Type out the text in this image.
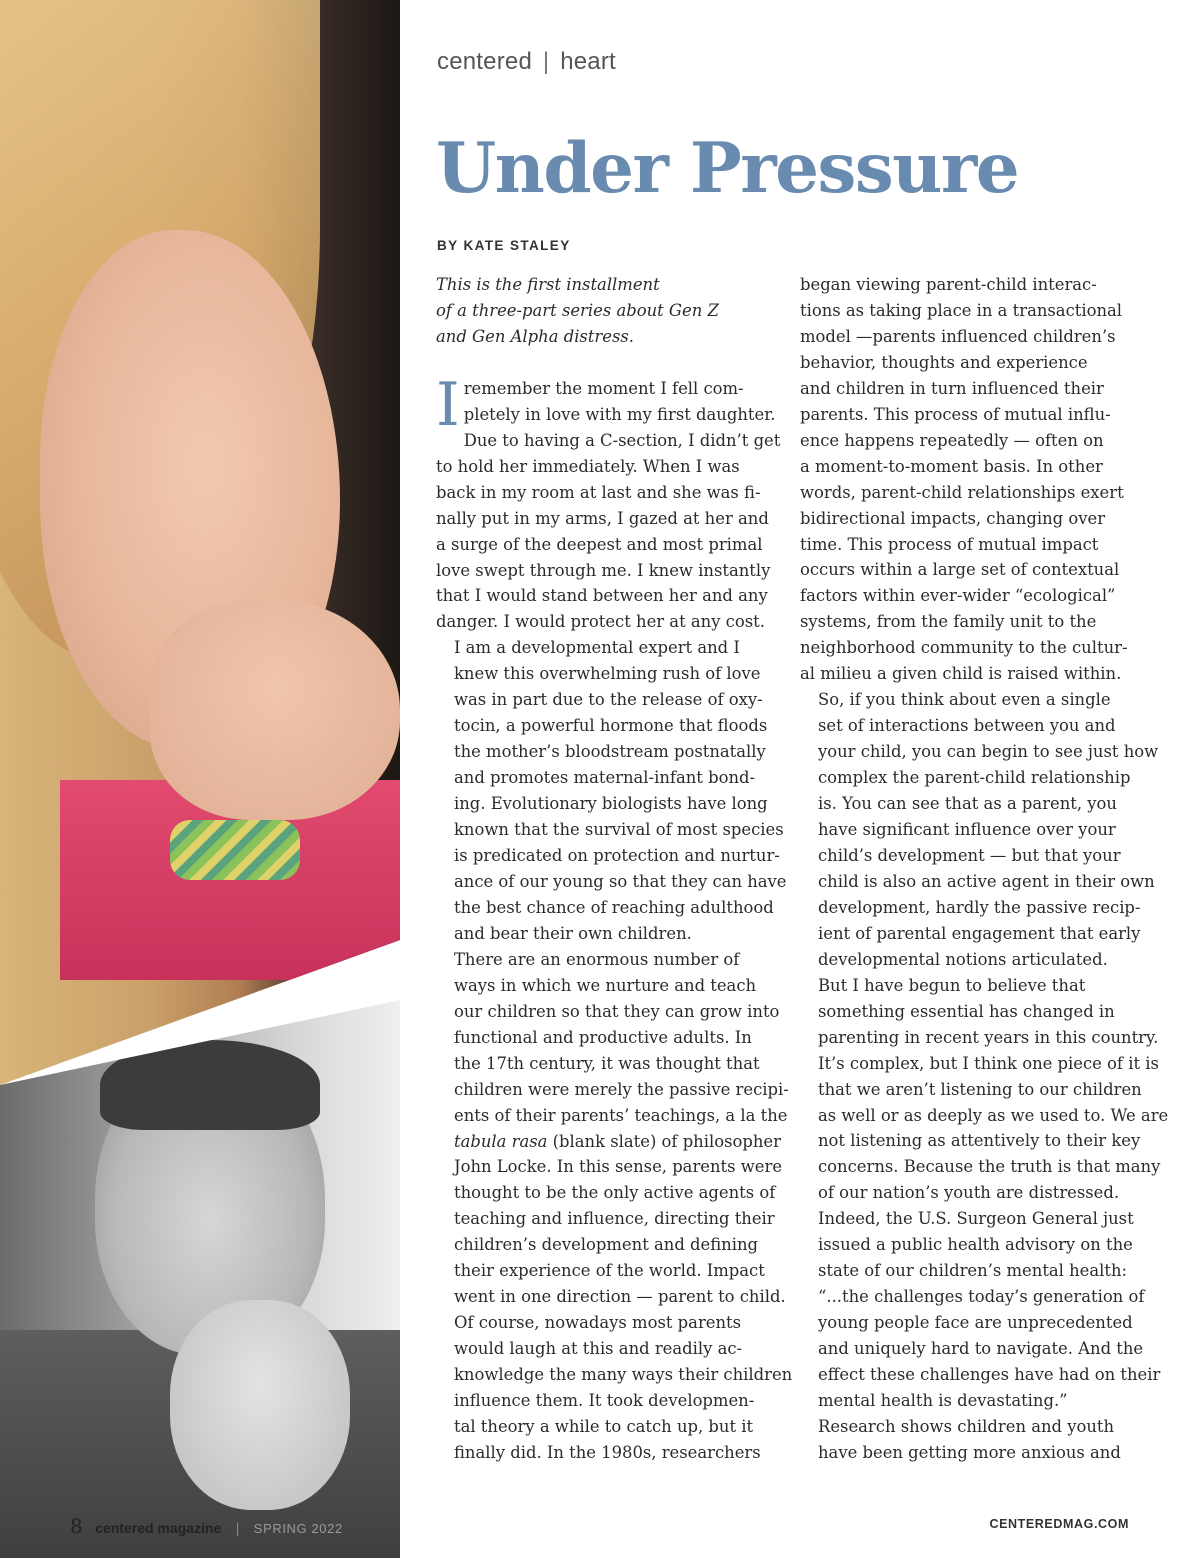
centered | heart
Under Pressure
BY KATE STALEY

This is the first installment
of a three-part series about Gen Z
and Gen Alpha distress.

I remember the moment I fell com-
pletely in love with my first daughter.
Due to having a C-section, I didn’t get
to hold her immediately. When I was
back in my room at last and she was fi-
nally put in my arms, I gazed at her and
a surge of the deepest and most primal
love swept through me. I knew instantly
that I would stand between her and any
danger. I would protect her at any cost.

I am a developmental expert and I
knew this overwhelming rush of love
was in part due to the release of oxy-
tocin, a powerful hormone that floods
the mother’s bloodstream postnatally
and promotes maternal-infant bond-
ing. Evolutionary biologists have long
known that the survival of most species
is predicated on protection and nurtur-
ance of our young so that they can have
the best chance of reaching adulthood
and bear their own children.

There are an enormous number of
ways in which we nurture and teach
our children so that they can grow into
functional and productive adults. In
the 17th century, it was thought that
children were merely the passive recipi-
ents of their parents’ teachings, a la the
tabula rasa (blank slate) of philosopher
John Locke. In this sense, parents were
thought to be the only active agents of
teaching and influence, directing their
children’s development and defining
their experience of the world. Impact
went in one direction — parent to child.
Of course, nowadays most parents
would laugh at this and readily ac-
knowledge the many ways their children
influence them. It took developmen-
tal theory a while to catch up, but it
finally did. In the 1980s, researchers

began viewing parent-child interac-
tions as taking place in a transactional
model —parents influenced children’s
behavior, thoughts and experience
and children in turn influenced their
parents. This process of mutual influ-
ence happens repeatedly — often on
a moment-to-moment basis. In other
words, parent-child relationships exert
bidirectional impacts, changing over
time. This process of mutual impact
occurs within a large set of contextual
factors within ever-wider “ecological”
systems, from the family unit to the
neighborhood community to the cultur-
al milieu a given child is raised within.

So, if you think about even a single
set of interactions between you and
your child, you can begin to see just how
complex the parent-child relationship
is. You can see that as a parent, you
have significant influence over your
child’s development — but that your
child is also an active agent in their own
development, hardly the passive recip-
ient of parental engagement that early
developmental notions articulated.

But I have begun to believe that
something essential has changed in
parenting in recent years in this country.
It’s complex, but I think one piece of it is
that we aren’t listening to our children
as well or as deeply as we used to. We are
not listening as attentively to their key
concerns. Because the truth is that many
of our nation’s youth are distressed.
Indeed, the U.S. Surgeon General just
issued a public health advisory on the
state of our children’s mental health:
“...the challenges today’s generation of
young people face are unprecedented
and uniquely hard to navigate. And the
effect these challenges have had on their
mental health is devastating.”

Research shows children and youth
have been getting more anxious and

8 centered magazine | SPRING 2022	CENTEREDMAG.COM
